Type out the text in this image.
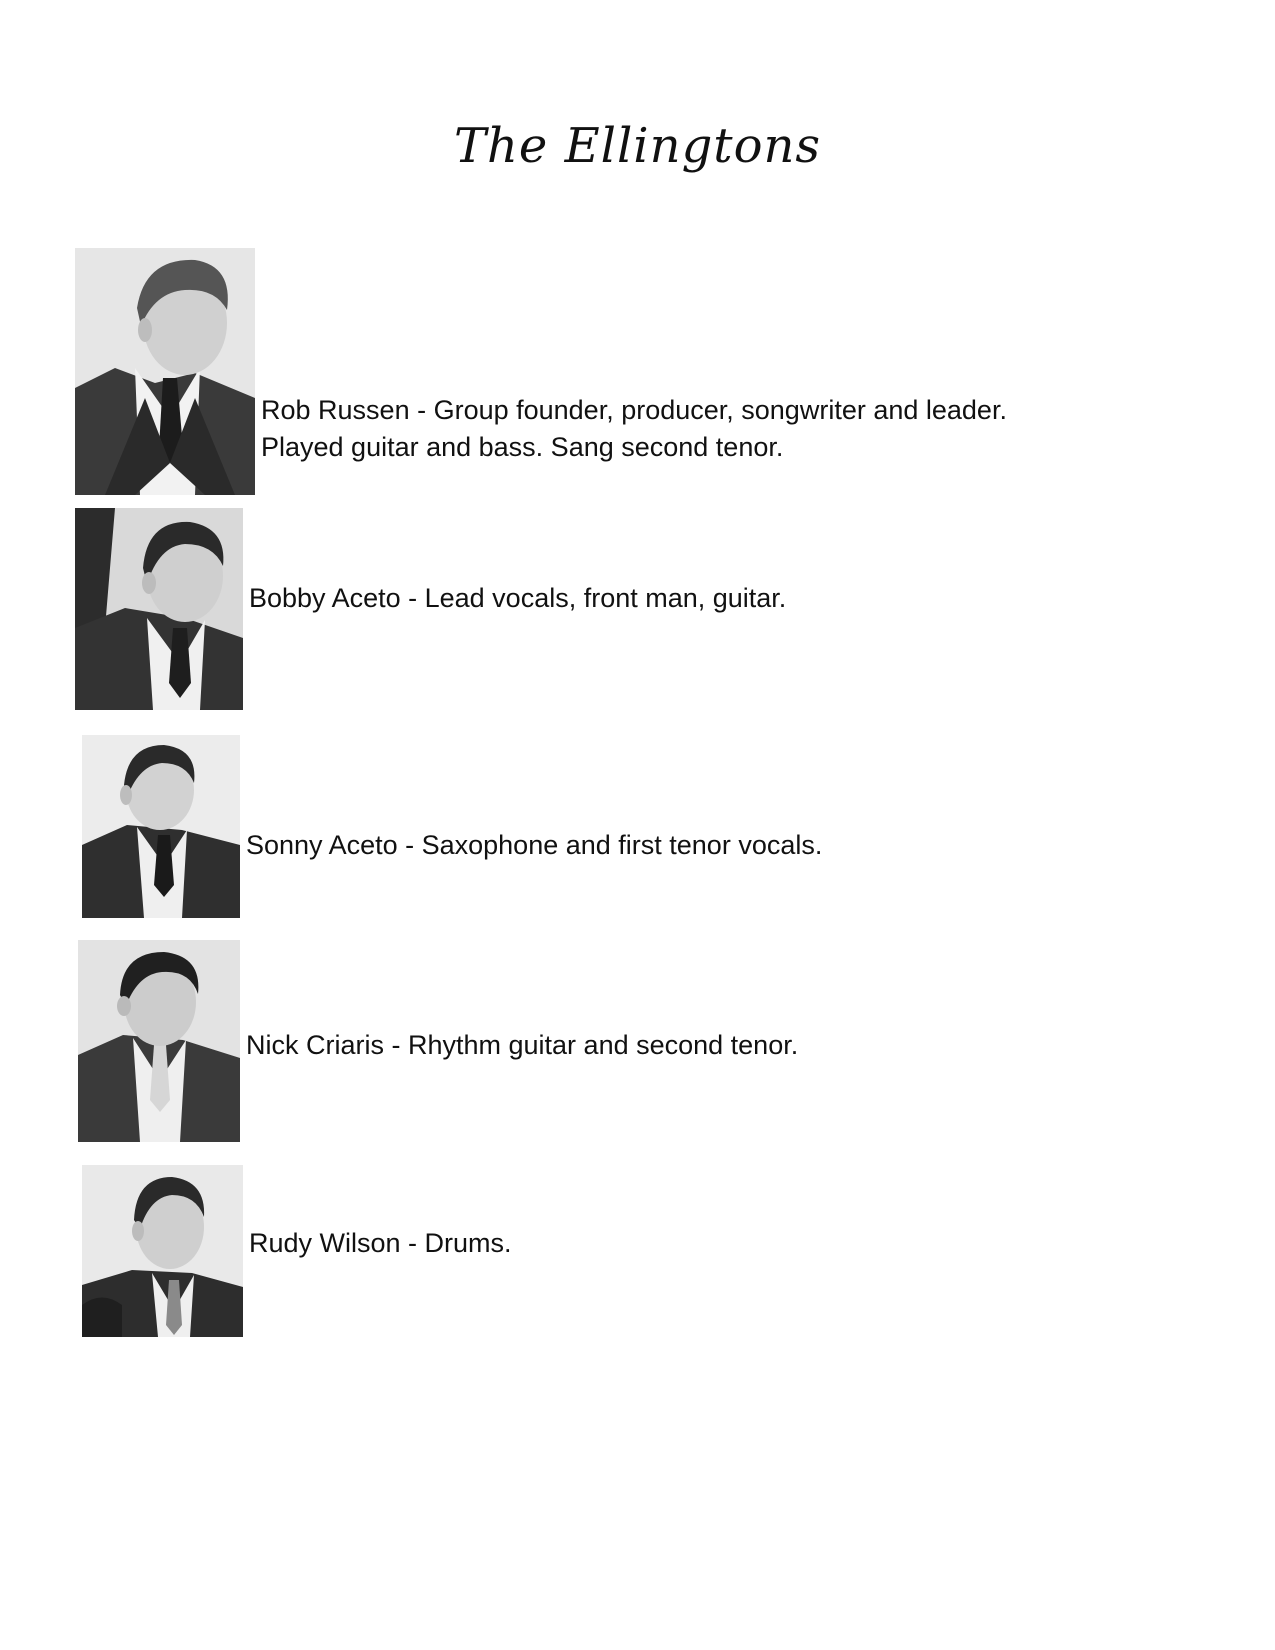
The Ellingtons
Rob Russen - Group founder, producer, songwriter and leader.
Played guitar and bass. Sang second tenor.
Bobby Aceto - Lead vocals, front man, guitar.
Sonny Aceto - Saxophone and first tenor vocals.
Nick Criaris - Rhythm guitar and second tenor.
Rudy Wilson - Drums.
